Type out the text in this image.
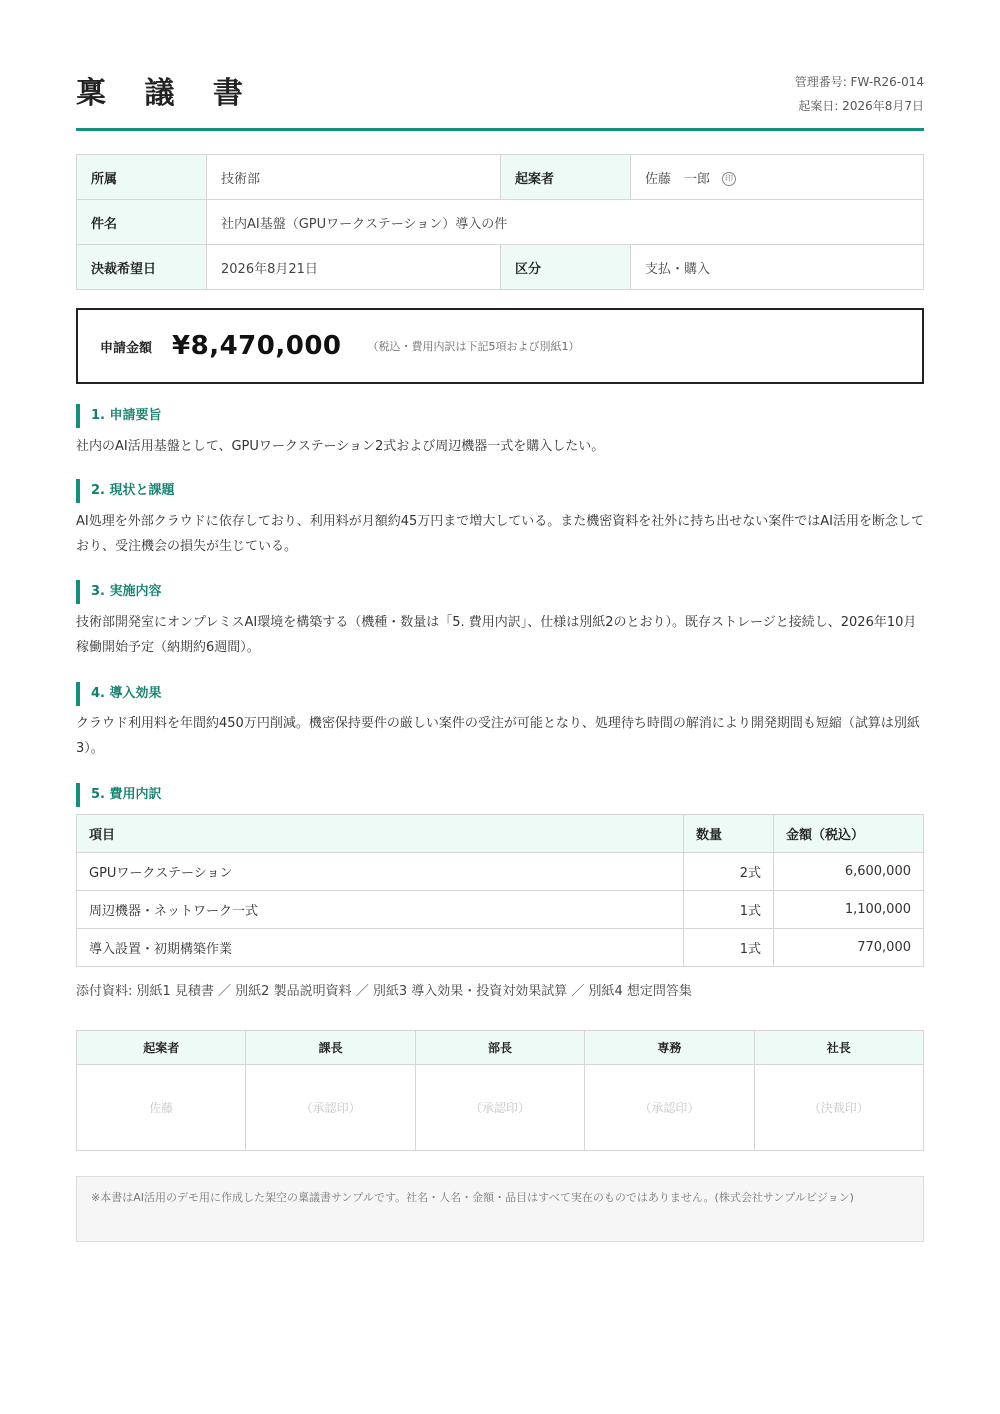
稟 議 書	管理番号: FW-R26-014
起案日: 2026年8月7日
所属	技術部	起案者	佐藤　一郎 印
件名	社内AI基盤（GPUワークステーション）導入の件		
決裁希望日	2026年8月21日	区分	支払・購入
申請金額 ¥8,470,000 （税込・費用内訳は下記5項および別紙1）
1. 申請要旨
社内のAI活用基盤として、GPUワークステーション2式および周辺機器一式を購入したい。
2. 現状と課題
AI処理を外部クラウドに依存しており、利用料が月額約45万円まで増大している。また機密資料を社外に持ち出せない案件ではAI活用を断念しており、受注機会の損失が生じている。
3. 実施内容
技術部開発室にオンプレミスAI環境を構築する（機種・数量は「5. 費用内訳」、仕様は別紙2のとおり）。既存ストレージと接続し、2026年10月稼働開始予定（納期約6週間）。
4. 導入効果
クラウド利用料を年間約450万円削減。機密保持要件の厳しい案件の受注が可能となり、処理待ち時間の解消により開発期間も短縮（試算は別紙3）。
5. 費用内訳
項目	数量	金額（税込）
GPUワークステーション	2式	6,600,000
周辺機器・ネットワーク一式	1式	1,100,000
導入設置・初期構築作業	1式	770,000
添付資料: 別紙1 見積書 ／ 別紙2 製品説明資料 ／ 別紙3 導入効果・投資対効果試算 ／ 別紙4 想定問答集
起案者	課長	部長	専務	社長
佐藤	（承認印）	（承認印）	（承認印）	（決裁印）
※本書はAI活用のデモ用に作成した架空の稟議書サンプルです。社名・人名・金額・品目はすべて実在のものではありません。(株式会社サンプルビジョン)
